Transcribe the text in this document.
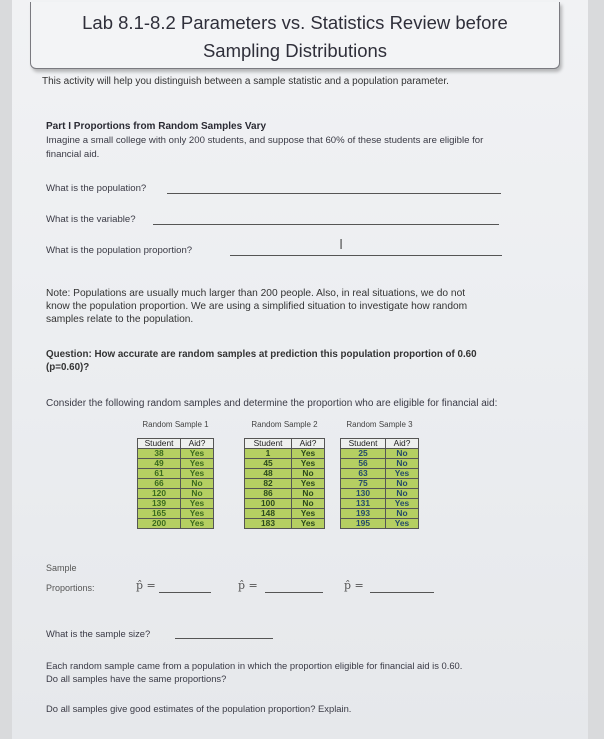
Lab 8.1-8.2 Parameters vs. Statistics Review before
Sampling Distributions
This activity will help you distinguish between a sample statistic and a population parameter.
Part I Proportions from Random Samples Vary
Imagine a small college with only 200 students, and suppose that 60% of these students are eligible for
financial aid.
What is the population?
What is the variable?
What is the population proportion?	I
Note: Populations are usually much larger than 200 people. Also, in real situations, we do not
know the population proportion. We are using a simplified situation to investigate how random
samples relate to the population.
Question: How accurate are random samples at prediction this population proportion of 0.60
(p=0.60)?
Consider the following random samples and determine the proportion who are eligible for financial aid:
Random Sample 1
Student	Aid?
38	Yes
49	Yes
61	Yes
66	No
120	No
139	Yes
165	Yes
200	Yes
Random Sample 2
Student	Aid?
1	Yes
45	Yes
48	No
82	Yes
86	No
100	No
148	Yes
183	Yes
Random Sample 3
Student	Aid?
25	No
56	No
63	Yes
75	No
130	No
131	Yes
193	No
195	Yes
Sample
Proportions:	p̂ =	p̂ =	p̂ =
What is the sample size?
Each random sample came from a population in which the proportion eligible for financial aid is 0.60.
Do all samples have the same proportions?
Do all samples give good estimates of the population proportion? Explain.
